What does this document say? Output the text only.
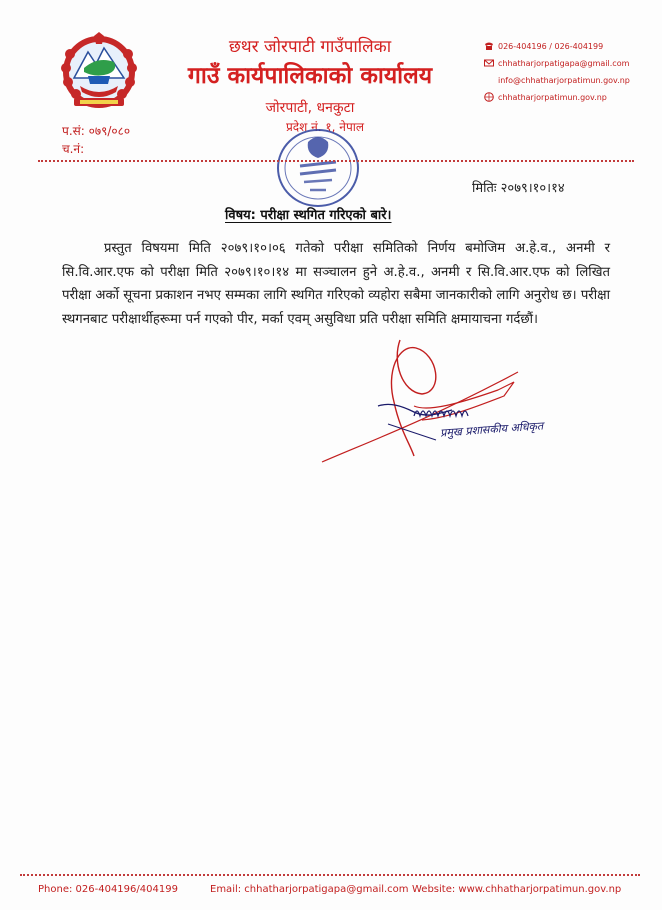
छथर जोरपाटी गाउँपालिका
गाउँ कार्यपालिकाको कार्यालय
जोरपाटी, धनकुटा
प्रदेश नं. १, नेपाल
026-404196 / 026-404199
chhatharjorpatigapa@gmail.com
info@chhatharjorpatimun.gov.np
chhatharjorpatimun.gov.np
प.सं: ०७९/०८०
च.नं:
मितिः २०७९।१०।१४
विषय: परीक्षा स्थगित गरिएको बारे।

प्रस्तुत विषयमा मिति २०७९।१०।०६ गतेको परीक्षा समितिको निर्णय बमोजिम अ.हे.व., अनमी र सि.वि.आर.एफ को परीक्षा मिति २०७९।१०।१४ मा सञ्चालन हुने अ.हे.व., अनमी र सि.वि.आर.एफ को लिखित परीक्षा अर्को सूचना प्रकाशन नभए सम्मका लागि स्थगित गरिएको व्यहोरा सबैमा जानकारीको लागि अनुरोध छ। परीक्षा स्थगनबाट परीक्षार्थीहरूमा पर्न गएको पीर, मर्का एवम् असुविधा प्रति परीक्षा समिति क्षमायाचना गर्दछौं।

प्रमुख प्रशासकीय अधिकृत
Phone: 026-404196/404199	Email: chhatharjorpatigapa@gmail.com Website: www.chhatharjorpatimun.gov.np
